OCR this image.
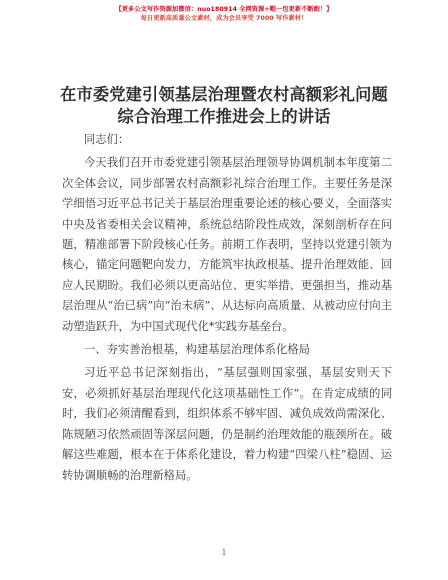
【更多公文写作资源加微信：nuo180914 全网资源+帽一包更新不断跑！】
每日更新高质量公文素材，成为会员享受 7000 写作素材！
在市委党建引领基层治理暨农村高额彩礼问题
综合治理工作推进会上的讲话

同志们：

今天我们召开市委党建引领基层治理领导协调机制本年度第二次全体会议，同步部署农村高额彩礼综合治理工作。主要任务是深学细悟习近平总书记关于基层治理重要论述的核心要义，全面落实中央及省委相关会议精神，系统总结阶段性成效，深刻剖析存在问题，精准部署下阶段核心任务。前期工作表明，坚持以党建引领为核心，锚定问题靶向发力，方能筑牢执政根基、提升治理效能、回应人民期盼。我们必须以更高站位、更实举措、更强担当，推动基层治理从“治已病”向“治未病”、从达标向高质量、从被动应付向主动塑造跃升，为中国式现代化*实践夯基垒台。

一、夯实善治根基，构建基层治理体系化格局

习近平总书记深刻指出，“基层强则国家强，基层安则天下安，必须抓好基层治理现代化这项基础性工作”。在肯定成绩的同时，我们必须清醒看到，组织体系不够牢固、减负成效尚需深化、陈规陋习依然顽固等深层问题，仍是制约治理效能的瓶颈所在。破解这些难题，根本在于体系化建设，着力构建“四梁八柱”稳固、运转协调顺畅的治理新格局。

1
